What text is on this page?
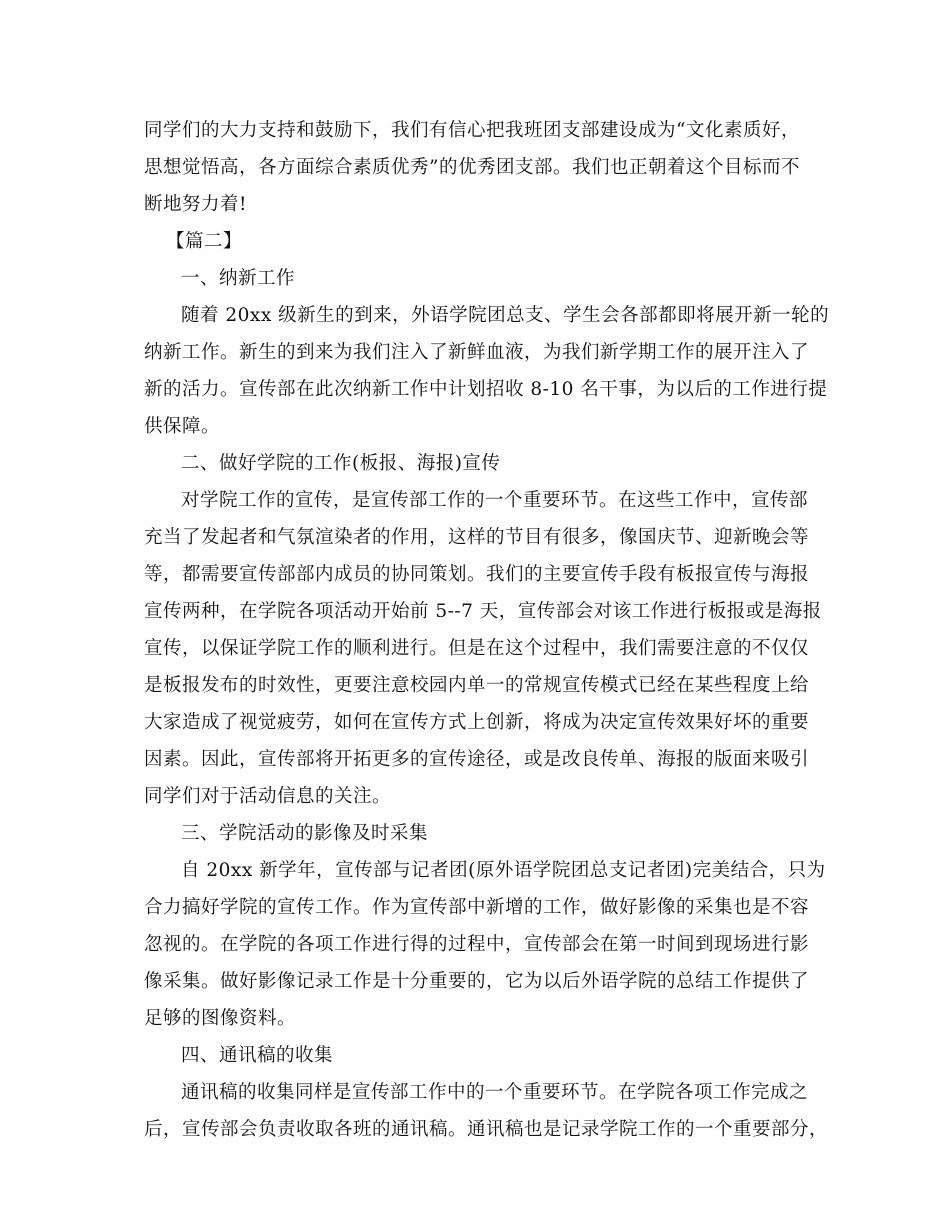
同学们的大力支持和鼓励下，我们有信心把我班团支部建设成为“文化素质好，
思想觉悟高，各方面综合素质优秀”的优秀团支部。我们也正朝着这个目标而不
断地努力着!
【篇二】
一、纳新工作
随着 20xx 级新生的到来，外语学院团总支、学生会各部都即将展开新一轮的
纳新工作。新生的到来为我们注入了新鲜血液，为我们新学期工作的展开注入了
新的活力。宣传部在此次纳新工作中计划招收 8-10 名干事，为以后的工作进行提
供保障。
二、做好学院的工作(板报、海报)宣传
对学院工作的宣传，是宣传部工作的一个重要环节。在这些工作中，宣传部
充当了发起者和气氛渲染者的作用，这样的节目有很多，像国庆节、迎新晚会等
等，都需要宣传部部内成员的协同策划。我们的主要宣传手段有板报宣传与海报
宣传两种，在学院各项活动开始前 5--7 天，宣传部会对该工作进行板报或是海报
宣传，以保证学院工作的顺利进行。但是在这个过程中，我们需要注意的不仅仅
是板报发布的时效性，更要注意校园内单一的常规宣传模式已经在某些程度上给
大家造成了视觉疲劳，如何在宣传方式上创新，将成为决定宣传效果好坏的重要
因素。因此，宣传部将开拓更多的宣传途径，或是改良传单、海报的版面来吸引
同学们对于活动信息的关注。
三、学院活动的影像及时采集
自 20xx 新学年，宣传部与记者团(原外语学院团总支记者团)完美结合，只为
合力搞好学院的宣传工作。作为宣传部中新增的工作，做好影像的采集也是不容
忽视的。在学院的各项工作进行得的过程中，宣传部会在第一时间到现场进行影
像采集。做好影像记录工作是十分重要的，它为以后外语学院的总结工作提供了
足够的图像资料。
四、通讯稿的收集
通讯稿的收集同样是宣传部工作中的一个重要环节。在学院各项工作完成之
后，宣传部会负责收取各班的通讯稿。通讯稿也是记录学院工作的一个重要部分，
